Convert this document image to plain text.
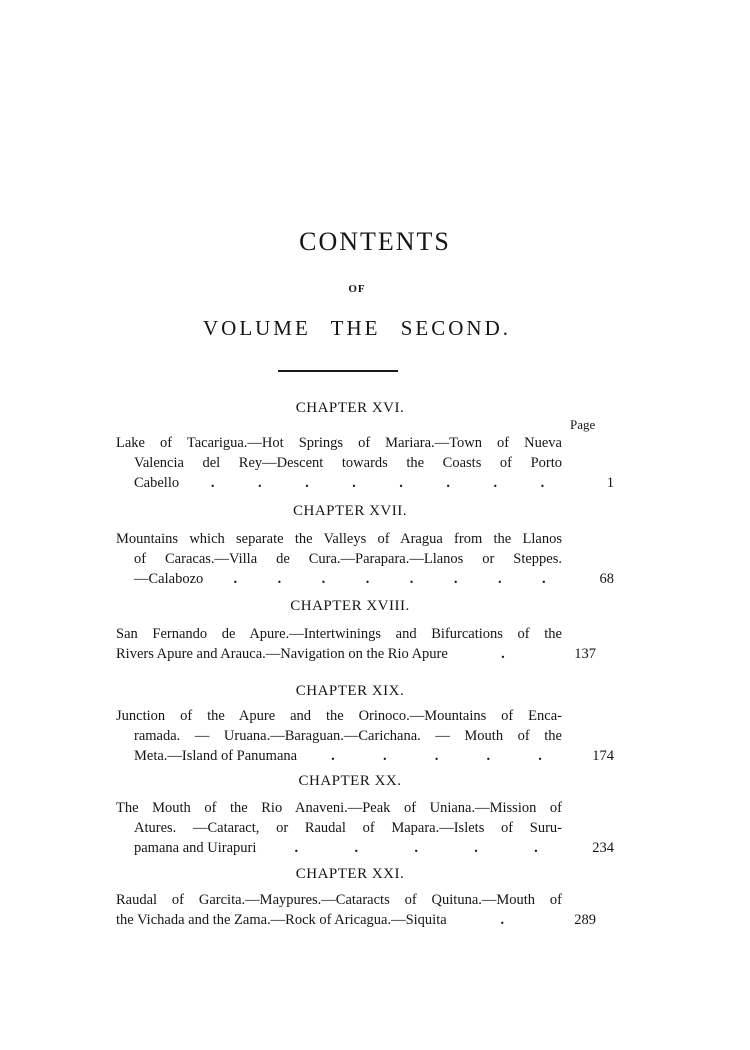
CONTENTS
OF
VOLUME THE SECOND.
Page
CHAPTER XVI.
Lake of Tacarigua.—Hot Springs of Mariara.—Town of Nueva
Valencia del Rey—Descent towards the Coasts of Porto
Cabello .	.	.	.	.	.	.	.	1
CHAPTER XVII.
Mountains which separate the Valleys of Aragua from the Llanos
of Caracas.—Villa de Cura.—Parapara.—Llanos or Steppes.
—Calabozo .	.	.	.	.	.	.	.	68
CHAPTER XVIII.
San Fernando de Apure.—Intertwinings and Bifurcations of the
Rivers Apure and Arauca.—Navigation on the Rio Apure	.	137
CHAPTER XIX.
Junction of the Apure and the Orinoco.—Mountains of Enca-
ramada. — Uruana.—Baraguan.—Carichana. — Mouth of the
Meta.—Island of Panumana .	.	.	.	.	174
CHAPTER XX.
The Mouth of the Rio Anaveni.—Peak of Uniana.—Mission of
Atures. —Cataract, or Raudal of Mapara.—Islets of Suru-
pamana and Uirapuri	.	.	.	.	.	234
CHAPTER XXI.
Raudal of Garcita.—Maypures.—Cataracts of Quituna.—Mouth of
the Vichada and the Zama.—Rock of Aricagua.—Siquita	.	289
